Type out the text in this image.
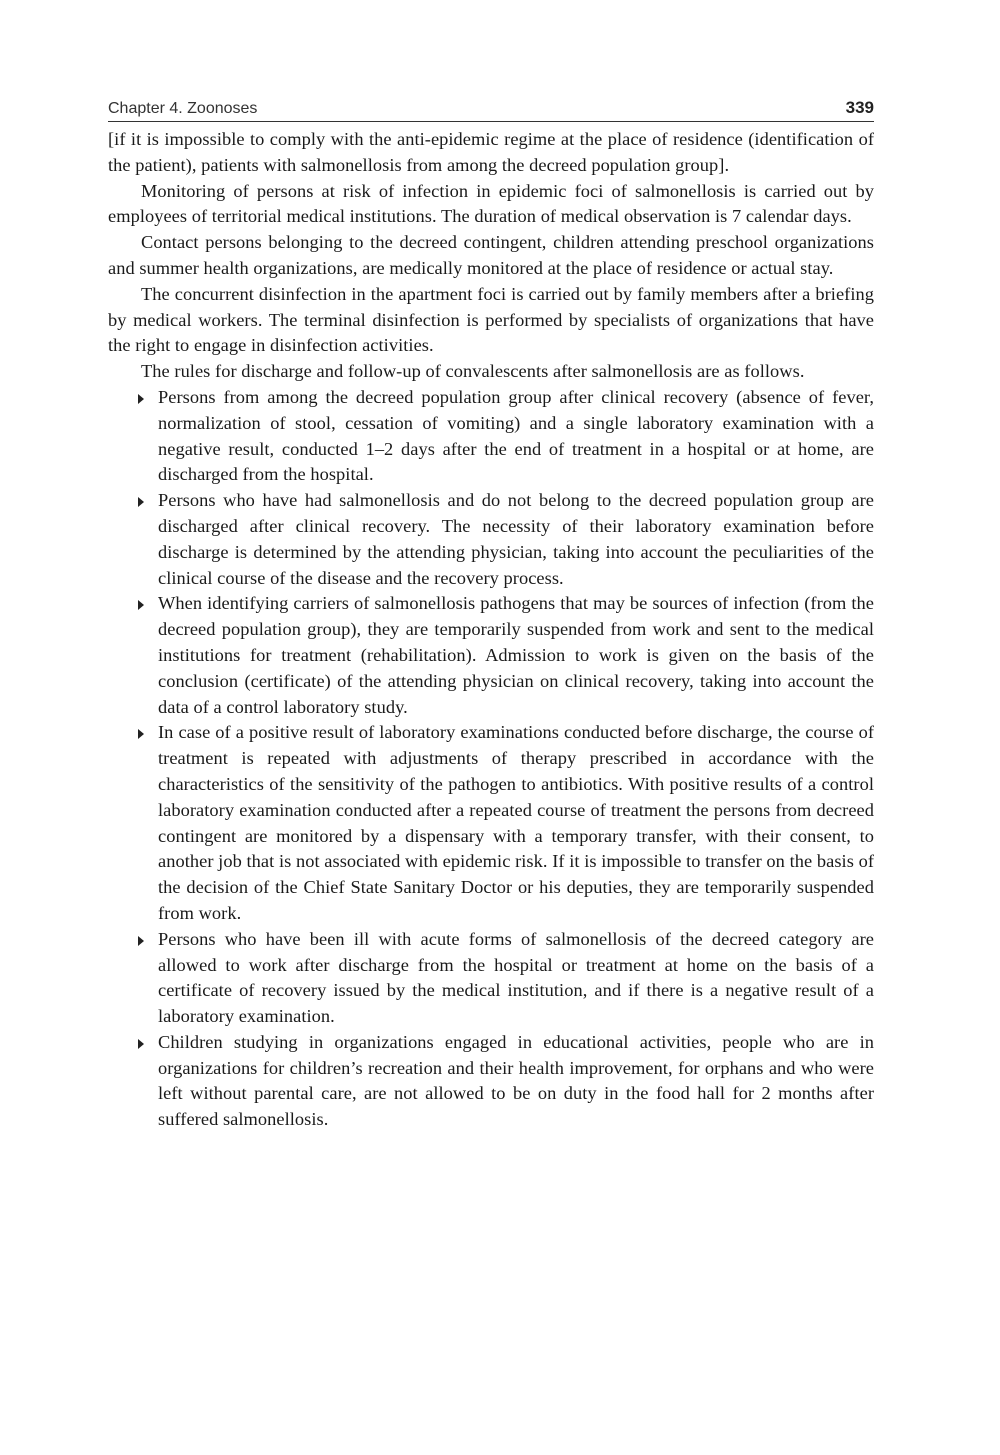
Chapter 4. Zoonoses	339

[if it is impossible to comply with the anti-epidemic regime at the place of residence (identification of the patient), patients with salmonellosis from among the decreed population group].

Monitoring of persons at risk of infection in epidemic foci of salmonellosis is carried out by employees of territorial medical institutions. The duration of medical observation is 7 calendar days.

Contact persons belonging to the decreed contingent, children attending preschool organizations and summer health organizations, are medically monitored at the place of residence or actual stay.

The concurrent disinfection in the apartment foci is carried out by family members after a briefing by medical workers. The terminal disinfection is performed by specialists of organizations that have the right to engage in disinfection activities.

The rules for discharge and follow-up of convalescents after salmonellosis are as follows.

Persons from among the decreed population group after clinical recovery (absence of fever, normalization of stool, cessation of vomiting) and a single laboratory examination with a negative result, conducted 1–2 days after the end of treatment in a hospital or at home, are discharged from the hospital.
Persons who have had salmonellosis and do not belong to the decreed population group are discharged after clinical recovery. The necessity of their laboratory examination before discharge is determined by the attending physician, taking into account the peculiarities of the clinical course of the disease and the recovery process.
When identifying carriers of salmonellosis pathogens that may be sources of infection (from the decreed population group), they are temporarily suspended from work and sent to the medical institutions for treatment (rehabilitation). Admission to work is given on the basis of the conclusion (certificate) of the attending physician on clinical recovery, taking into account the data of a control laboratory study.
In case of a positive result of laboratory examinations conducted before discharge, the course of treatment is repeated with adjustments of therapy prescribed in accordance with the characteristics of the sensitivity of the pathogen to antibiotics. With positive results of a control laboratory examination conducted after a repeated course of treatment the persons from decreed contingent are monitored by a dispensary with a temporary transfer, with their consent, to another job that is not associated with epidemic risk. If it is impossible to transfer on the basis of the decision of the Chief State Sanitary Doctor or his deputies, they are temporarily suspended from work.
Persons who have been ill with acute forms of salmonellosis of the decreed category are allowed to work after discharge from the hospital or treatment at home on the basis of a certificate of recovery issued by the medical institution, and if there is a negative result of a laboratory examination.
Children studying in organizations engaged in educational activities, people who are in organizations for children’s recreation and their health improvement, for orphans and who were left without parental care, are not allowed to be on duty in the food hall for 2 months after suffered salmonellosis.
